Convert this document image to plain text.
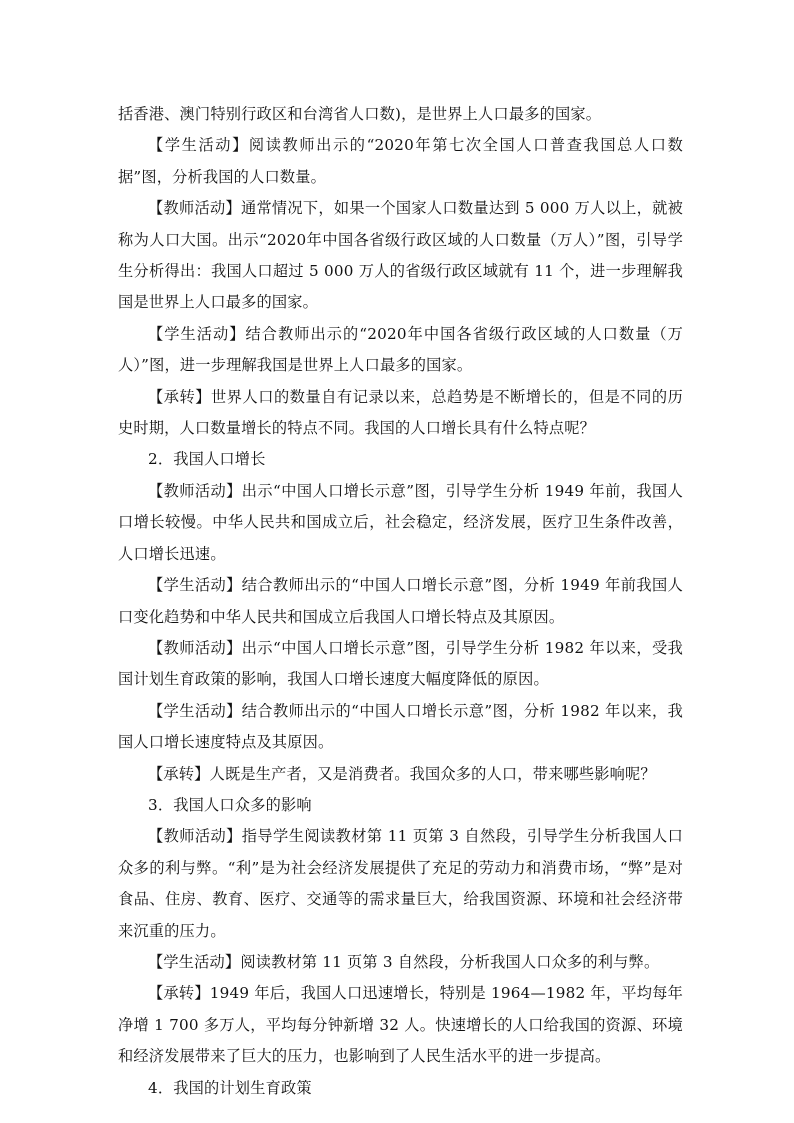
括香港、澳门特别行政区和台湾省人口数)，是世界上人口最多的国家。

【学生活动】阅读教师出示的“2020年第七次全国人口普查我国总人口数据”图，分析我国的人口数量。

【教师活动】通常情况下，如果一个国家人口数量达到 5 000 万人以上，就被称为人口大国。出示“2020年中国各省级行政区域的人口数量（万人）”图，引导学生分析得出：我国人口超过 5 000 万人的省级行政区域就有 11 个，进一步理解我国是世界上人口最多的国家。

【学生活动】结合教师出示的“2020年中国各省级行政区域的人口数量（万人）”图，进一步理解我国是世界上人口最多的国家。

【承转】世界人口的数量自有记录以来，总趋势是不断增长的，但是不同的历史时期，人口数量增长的特点不同。我国的人口增长具有什么特点呢？

2．我国人口增长

【教师活动】出示“中国人口增长示意”图，引导学生分析 1949 年前，我国人口增长较慢。中华人民共和国成立后，社会稳定，经济发展，医疗卫生条件改善，人口增长迅速。

【学生活动】结合教师出示的“中国人口增长示意”图，分析 1949 年前我国人口变化趋势和中华人民共和国成立后我国人口增长特点及其原因。

【教师活动】出示“中国人口增长示意”图，引导学生分析 1982 年以来，受我国计划生育政策的影响，我国人口增长速度大幅度降低的原因。

【学生活动】结合教师出示的“中国人口增长示意”图，分析 1982 年以来，我国人口增长速度特点及其原因。

【承转】人既是生产者，又是消费者。我国众多的人口，带来哪些影响呢？

3．我国人口众多的影响

【教师活动】指导学生阅读教材第 11 页第 3 自然段，引导学生分析我国人口众多的利与弊。“利”是为社会经济发展提供了充足的劳动力和消费市场，“弊”是对食品、住房、教育、医疗、交通等的需求量巨大，给我国资源、环境和社会经济带来沉重的压力。

【学生活动】阅读教材第 11 页第 3 自然段，分析我国人口众多的利与弊。

【承转】1949 年后，我国人口迅速增长，特别是 1964—1982 年，平均每年净增 1 700 多万人，平均每分钟新增 32 人。快速增长的人口给我国的资源、环境和经济发展带来了巨大的压力，也影响到了人民生活水平的进一步提高。

4．我国的计划生育政策
